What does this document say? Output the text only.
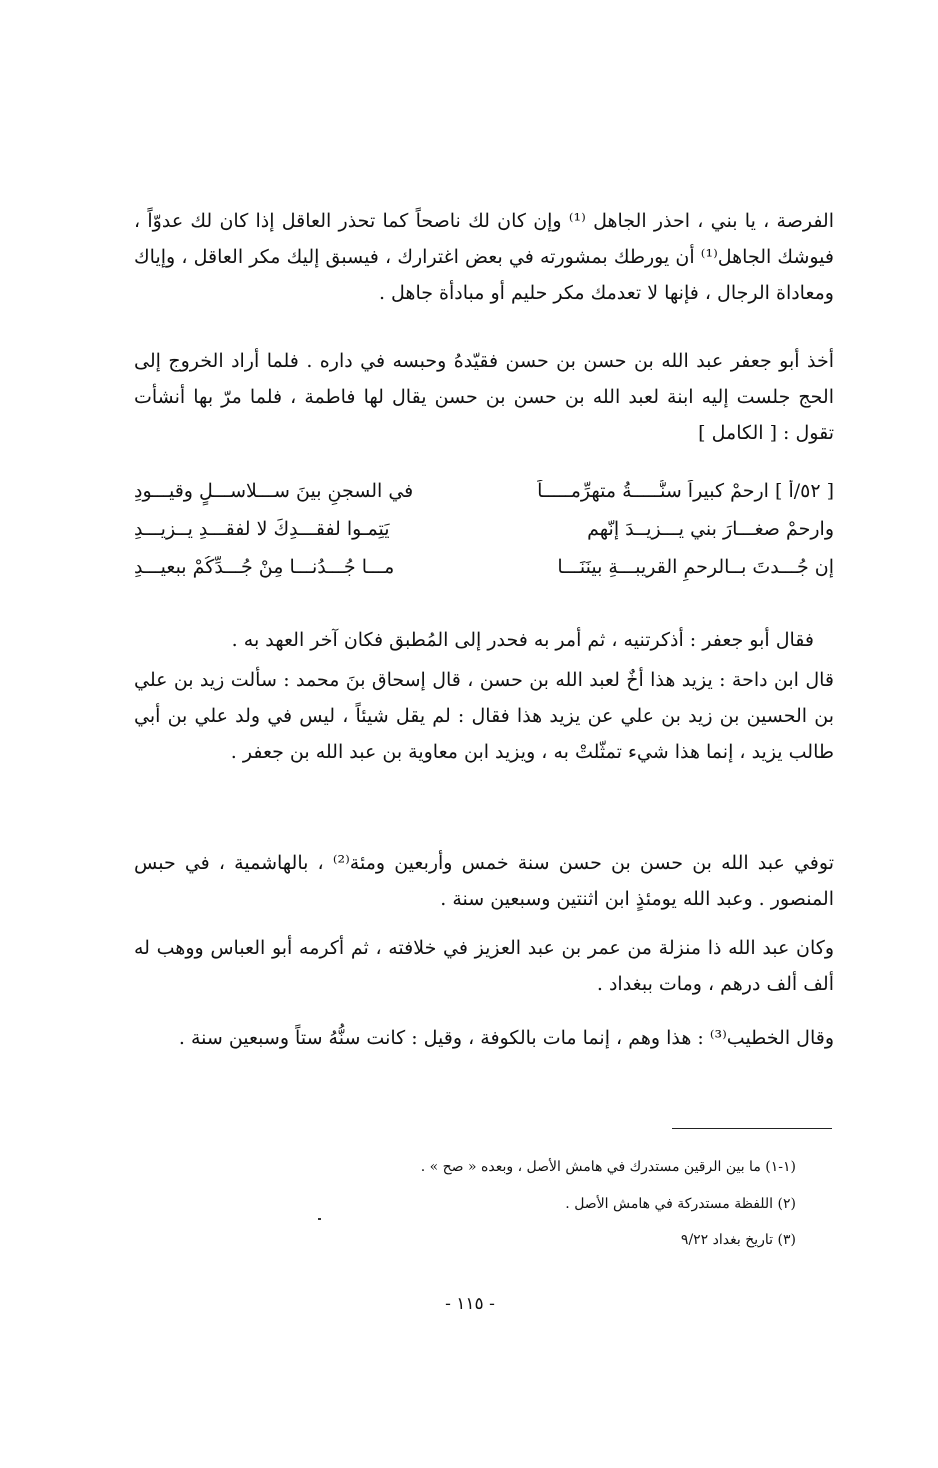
الفرصة ، يا بني ، احذر الجاهل ⁽¹⁾ وإن كان لك ناصحاً كما تحذر العاقل إذا كان لك عدوّاً ، فيوشك الجاهل⁽¹⁾ أن يورطك بمشورته في بعض اغترارك ، فيسبق إليك مكر العاقل ، وإياك ومعاداة الرجال ، فإنها لا تعدمك مكر حليم أو مبادأة جاهل .

أخذ أبو جعفر عبد الله بن حسن بن حسن فقيّدهُ وحبسه في داره . فلما أراد الخروج إلى الحج جلست إليه ابنة لعبد الله بن حسن بن حسن يقال لها فاطمة ، فلما مرّ بها أنشأت تقول : [ الكامل ]

[ ٥٢/أ ] ارحمْ كبيراً سنُّـــــةُ متهرِّمـــــاً
في السجنِ بينَ ســـلاســـلٍ وقيـــودِ
وارحمْ صغـــارَ بني يـــزيــدَ إنّهم
يَتِمـوا لفقـــدِكَ لا لفقـــدِ يــزيـــدِ
إن جُـــدتَ بــالرحمِ القريبـــةِ بينَنَـــا
مـــا جُـــدُنـــا مِنْ جُـــدِّكُمْ ببعيـــدِ

فقال أبو جعفر : أذكرتنيه ، ثم أمر به فحدر إلى المُطبق فكان آخر العهد به .

قال ابن داحة : يزيد هذا أخٌ لعبد الله بن حسن ، قال إسحاق بنَ محمد : سألت زيد بن علي بن الحسين بن زيد بن علي عن يزيد هذا فقال : لم يقل شيئاً ، ليس في ولد علي بن أبي طالب يزيد ، إنما هذا شيء تمثّلتْ به ، ويزيد ابن معاوية بن عبد الله بن جعفر .

توفي عبد الله بن حسن بن حسن سنة خمس وأربعين ومئة⁽²⁾ ، بالهاشمية ، في حبس المنصور . وعبد الله يومئذٍ ابن اثنتين وسبعين سنة .

وكان عبد الله ذا منزلة من عمر بن عبد العزيز في خلافته ، ثم أكرمه أبو العباس ووهب له ألف ألف درهم ، ومات ببغداد .

وقال الخطيب⁽³⁾ : هذا وهم ، إنما مات بالكوفة ، وقيل : كانت سنُّهُ ستاً وسبعين سنة .

(١-١) ما بين الرقين مستدرك في هامش الأصل ، وبعده « صح » .
(٢) اللفظة مستدركة في هامش الأصل .
(٣) تاريخ بغداد ٩/٢٢
- ١١٥ -
